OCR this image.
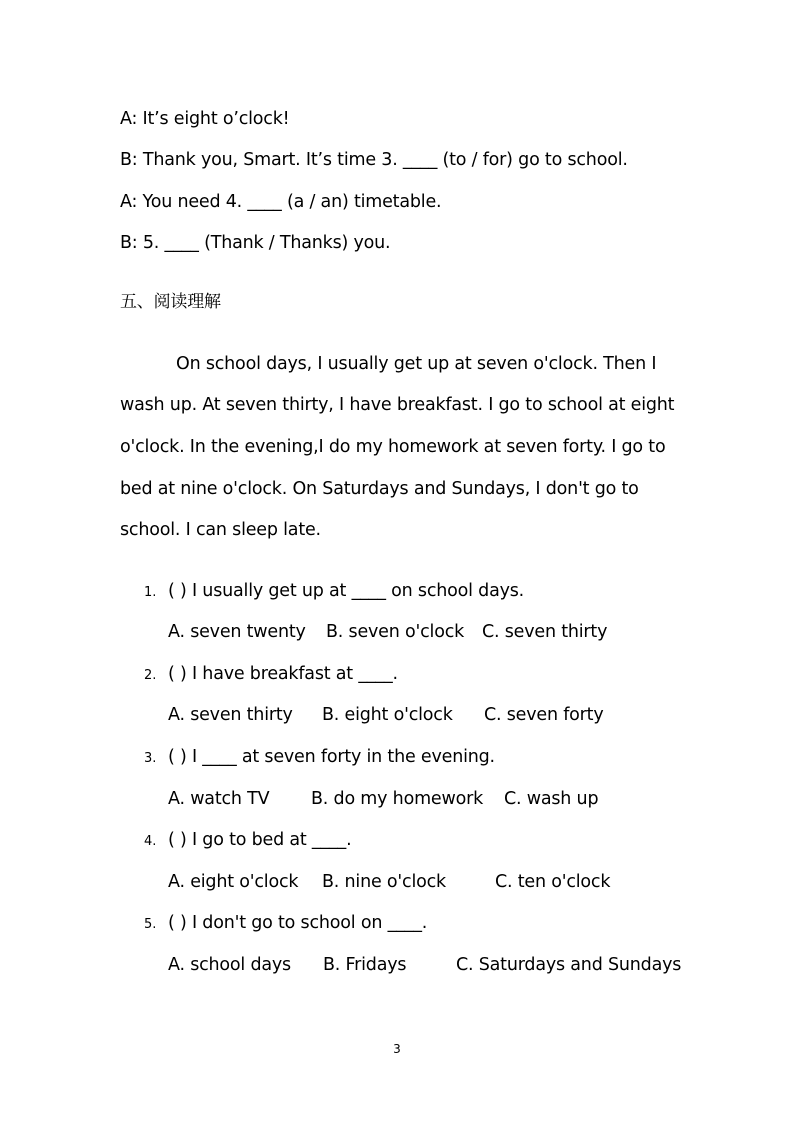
A: It’s eight o’clock!
B: Thank you, Smart. It’s time 3. ____ (to / for) go to school.
A: You need 4. ____ (a / an) timetable.
B: 5. ____ (Thank / Thanks) you.
五、阅读理解
On school days, I usually get up at seven o'clock. Then I
wash up. At seven thirty, I have breakfast. I go to school at eight
o'clock. In the evening,I do my homework at seven forty. I go to
bed at nine o'clock. On Saturdays and Sundays, I don't go to
school. I can sleep late.
1. ( ) I usually get up at ____ on school days.
A. seven twenty B. seven o'clock C. seven thirty
2. ( ) I have breakfast at ____.
A. seven thirty B. eight o'clock C. seven forty
3. ( ) I ____ at seven forty in the evening.
A. watch TV B. do my homework C. wash up
4. ( ) I go to bed at ____.
A. eight o'clock B. nine o'clock	C. ten o'clock
5. ( ) I don't go to school on ____.
A. school days B. Fridays	C. Saturdays and Sundays
3
